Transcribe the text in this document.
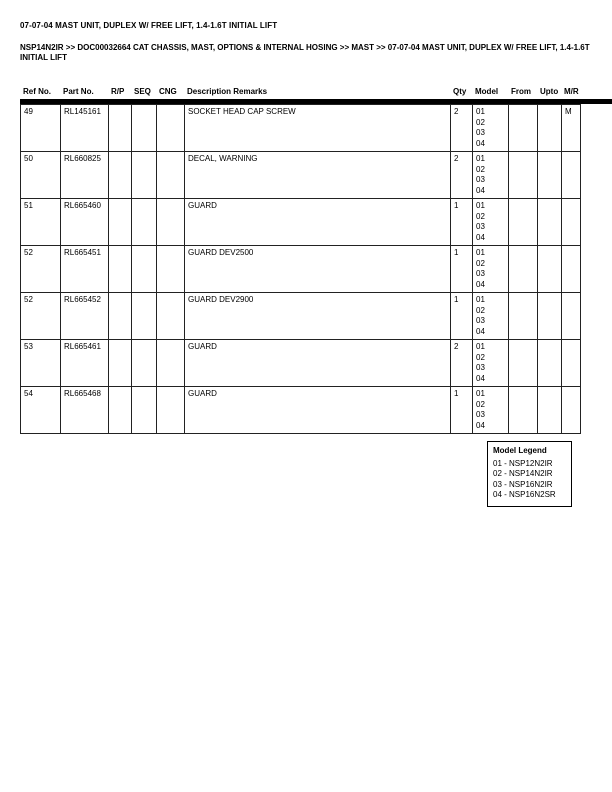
07-07-04 MAST UNIT, DUPLEX W/ FREE LIFT, 1.4-1.6T INITIAL LIFT
NSP14N2IR >> DOC00032664 CAT CHASSIS, MAST, OPTIONS & INTERNAL HOSING >> MAST >> 07-07-04 MAST UNIT, DUPLEX W/ FREE LIFT, 1.4-1.6T INITIAL LIFT
Ref No.	Part No.	R/P	SEQ	CNG	Description Remarks	Qty	Model	From	Upto	M/R
49	RL145161				SOCKET HEAD CAP SCREW	2	01
02
03
04			M
50	RL660825				DECAL, WARNING	2	01
02
03
04			

51	RL665460				GUARD	1	01
02
03
04			

52	RL665451				GUARD DEV2500	1	01
02
03
04			

52	RL665452				GUARD DEV2900	1	01
02
03
04			

53	RL665461				GUARD	2	01
02
03
04			

54	RL665468				GUARD	1	01
02
03
04			

Model Legend
01 - NSP12N2IR
02 - NSP14N2IR
03 - NSP16N2IR
04 - NSP16N2SR
